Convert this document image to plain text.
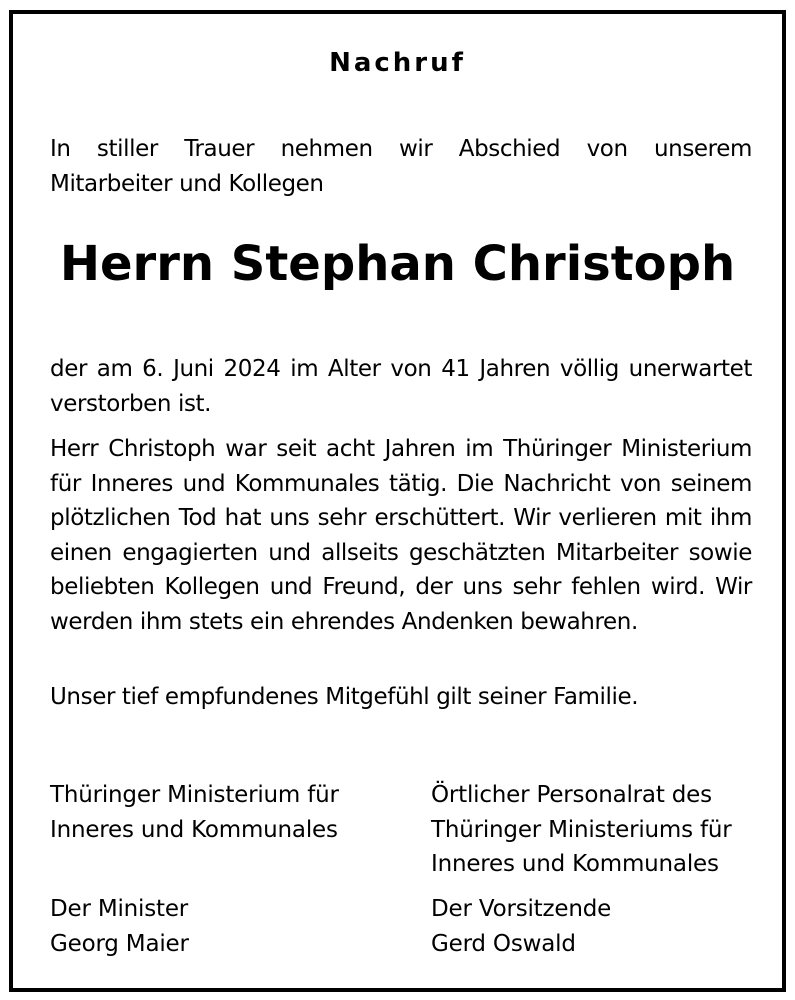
Nachruf
In stiller Trauer nehmen wir Abschied von unserem
Mitarbeiter und Kollegen
Herrn Stephan Christoph
der am 6. Juni 2024 im Alter von 41 Jahren völlig unerwartet verstorben ist.
Herr Christoph war seit acht Jahren im Thüringer Ministerium für Inneres und Kommunales tätig. Die Nachricht von seinem plötzlichen Tod hat uns sehr erschüttert. Wir verlieren mit ihm einen engagierten und allseits geschätzten Mitarbeiter sowie beliebten Kollegen und Freund, der uns sehr fehlen wird. Wir werden ihm stets ein ehrendes Andenken bewahren.
Unser tief empfundenes Mitgefühl gilt seiner Familie.
Thüringer Ministerium für
Inneres und Kommunales
Örtlicher Personalrat des
Thüringer Ministeriums für
Inneres und Kommunales
Der Minister
Georg Maier
Der Vorsitzende
Gerd Oswald
